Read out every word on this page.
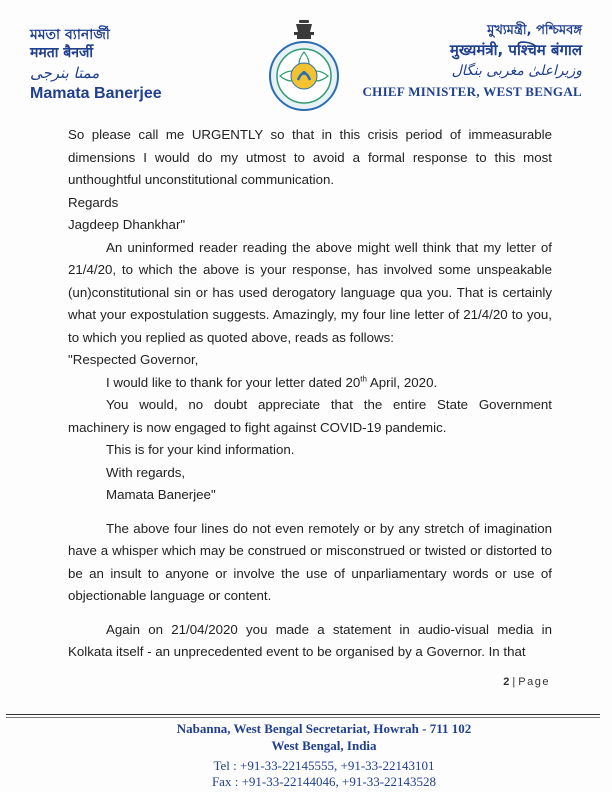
মমতা ব্যানার্জী
ममता बैनर्जी
ممتا بنرجی
Mamata Banerjee
মুখ্যমন্ত্রী, পশ্চিমবঙ্গ
मुख्यमंत्री, पश्चिम बंगाल
وزیراعلیٰ مغربی بنگال
CHIEF MINISTER, WEST BENGAL

So please call me URGENTLY so that in this crisis period of immeasurable dimensions I would do my utmost to avoid a formal response to this most unthoughtful unconstitutional communication.

Regards

Jagdeep Dhankhar"

An uninformed reader reading the above might well think that my letter of 21/4/20, to which the above is your response, has involved some unspeakable (un)constitutional sin or has used derogatory language qua you. That is certainly what your expostulation suggests. Amazingly, my four line letter of 21/4/20 to you, to which you replied as quoted above, reads as follows:

"Respected Governor,

I would like to thank for your letter dated 20th April, 2020.

You would, no doubt appreciate that the entire State Government machinery is now engaged to fight against COVID-19 pandemic.

This is for your kind information.

With regards,

Mamata Banerjee"

The above four lines do not even remotely or by any stretch of imagination have a whisper which may be construed or misconstrued or twisted or distorted to be an insult to anyone or involve the use of unparliamentary words or use of objectionable language or content.

Again on 21/04/2020 you made a statement in audio-visual media in Kolkata itself - an unprecedented event to be organised by a Governor. In that

2 | Page
Nabanna, West Bengal Secretariat, Howrah - 711 102
West Bengal, India
Tel : +91-33-22145555, +91-33-22143101
Fax : +91-33-22144046, +91-33-22143528
